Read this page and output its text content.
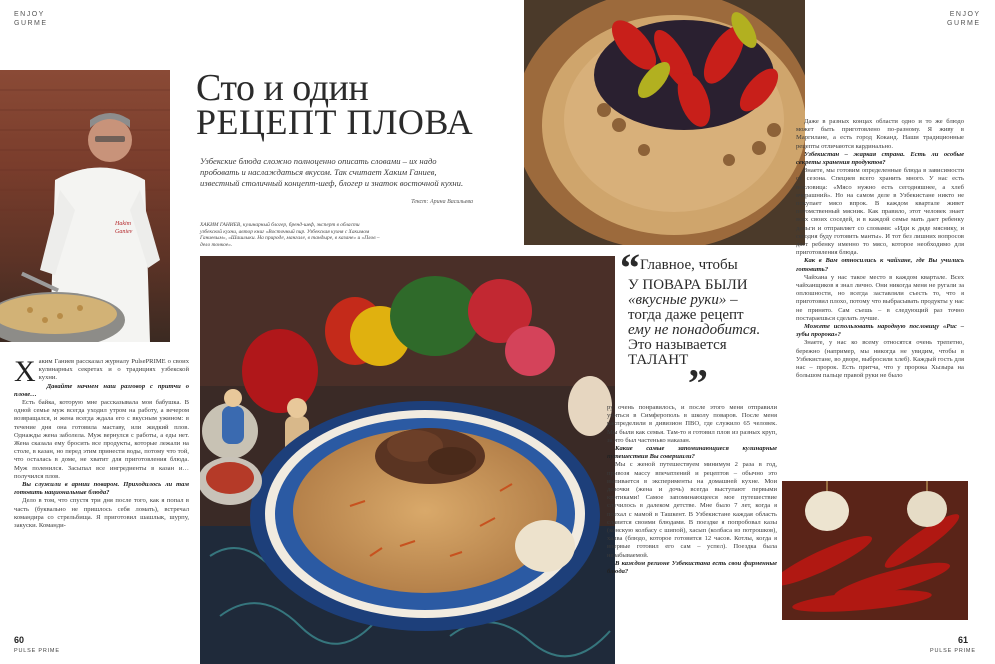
ENJOY
GURME
Hakim
Ganiev
Сто и один
РЕЦЕПТ ПЛОВА
Узбекские блюда сложно полноценно описать словами – их надо пробовать и наслаждаться вкусом. Так считает Хаким Ганиев, известный столичный концепт-шеф, блогер и знаток восточной кухни.
Текст: Арина Васильева
ХАКИМ ГАНИЕВ, кулинарный блогер, бренд-шеф, эксперт в области узбекской кухни, автор книг «Восточный пир. Узбекская кухня с Хакимом Ганиевым», «Шашлыки. На природе, мангале, в тандыре, в казане» и «Плов – дело тонкое».

Хаким Ганиев рассказал журналу PulsePRIME о своих кулинарных секретах и о традициях узбекской кухни.

Давайте начнем наш разговор с притчи о плове…

Есть байка, которую мне рассказывала моя бабушка. В одной семье муж всегда уходил утром на работу, а вечером возвращался, и жена всегда ждала его с вкусным ужином: в течение дня она готовила маставу, или жидкий плов. Однажды жена заболела. Муж вернулся с работы, а еды нет. Жена сказала ему бросить все продукты, которые лежали на столе, в казан, но перед этим принести воды, потому что той, что осталась в доме, не хватит для приготовления блюда. Муж поленился. Засыпал все ингредиенты в казан и… получился плов.

Вы служили в армии поваром. Приходилось ли там готовить национальные блюда?

Дело в том, что спустя три дня после того, как я попал в часть (буквально не пришлось себя ломать), встречал командира со стрельбища. Я приготовил шашлык, шурпу, закуски. Команди-

60
PULSE PRIME
ENJOY
GURME
“Главное, чтобы
У ПОВАРА БЫЛИ
«вкусные руки» –
тогда даже рецепт
ему не понадобится.
Это называется
ТАЛАНТ„

ру очень понравилось, и после этого меня отправили учиться в Симферополь в школу поваров. После меня распределили в дивизион ПВО, где служило 65 человек. Мы были как семья. Там-то я готовил плов из разных круп, за что был частенько наказан.

Какие самые запоминающиеся кулинарные путешествия Вы совершили?

Мы с женой путешествуем минимум 2 раза в год, привозя массу впечатлений и рецептов – обычно это выливается в эксперименты на домашней кухне. Мои девочки (жена и дочь) всегда выступают первыми критиками! Самое запоминающееся мое путешествие случилось в далеком детстве. Мне было 7 лет, когда я поехал с мамой в Ташкент. В Узбекистане каждая область славится своими блюдами. В поездке я попробовал казы (конскую колбасу с шипой), хасып (колбаса из потрошков), халва (блюдо, которое готовится 12 часов. Котлы, когда я впервые готовил его сам – успел). Поездка была незабываемой.

В каждом регионе Узбекистана есть свои фирменные блюда?

Даже в разных концах области одно и то же блюдо может быть приготовлено по-разному. Я живу в Маргилане, а есть город Коканд. Наши традиционные рецепты отличаются кардинально.

Узбекистан – жаркая страна. Есть ли особые секреты хранения продуктов?

Знаете, мы готовим определенные блюда в зависимости от сезона. Специев всего хранить много. У нас есть пословица: «Мясо нужно есть сегодняшнее, а хлеб вчерашний». Но на самом деле в Узбекистане никто не покупает мясо впрок. В каждом квартале живет потомственный мясник. Как правило, этот человек знает всех своих соседей, и в каждой семье мать дает ребенку деньги и отправляет со словами: «Иди к дяде мяснику, и сегодня буду готовить манты». И тот без лишних вопросов дает ребенку именно то мясо, которое необходимо для приготовления блюда.

Как в Вам относились к чайхане, где Вы учились готовить?

Чайхана у нас такое место в каждом квартале. Всех чайханщиков я знал лично. Они никогда меня не ругали за оплошности, но всегда заставляли съесть то, что я приготовил плохо, потому что выбрасывать продукты у нас не принято. Сам съешь – в следующий раз точно постараешься сделать лучше.

Можете использовать народную пословицу «Рис – зубы пророка»?

Знаете, у нас ко всему относятся очень трепетно, бережно (например, мы никогда не увидим, чтобы в Узбекистане, во дворе, выбросили хлеб). Каждый гость для нас – пророк. Есть притча, что у пророка Хызыра на большом пальце правой руки не было

61
PULSE PRIME
